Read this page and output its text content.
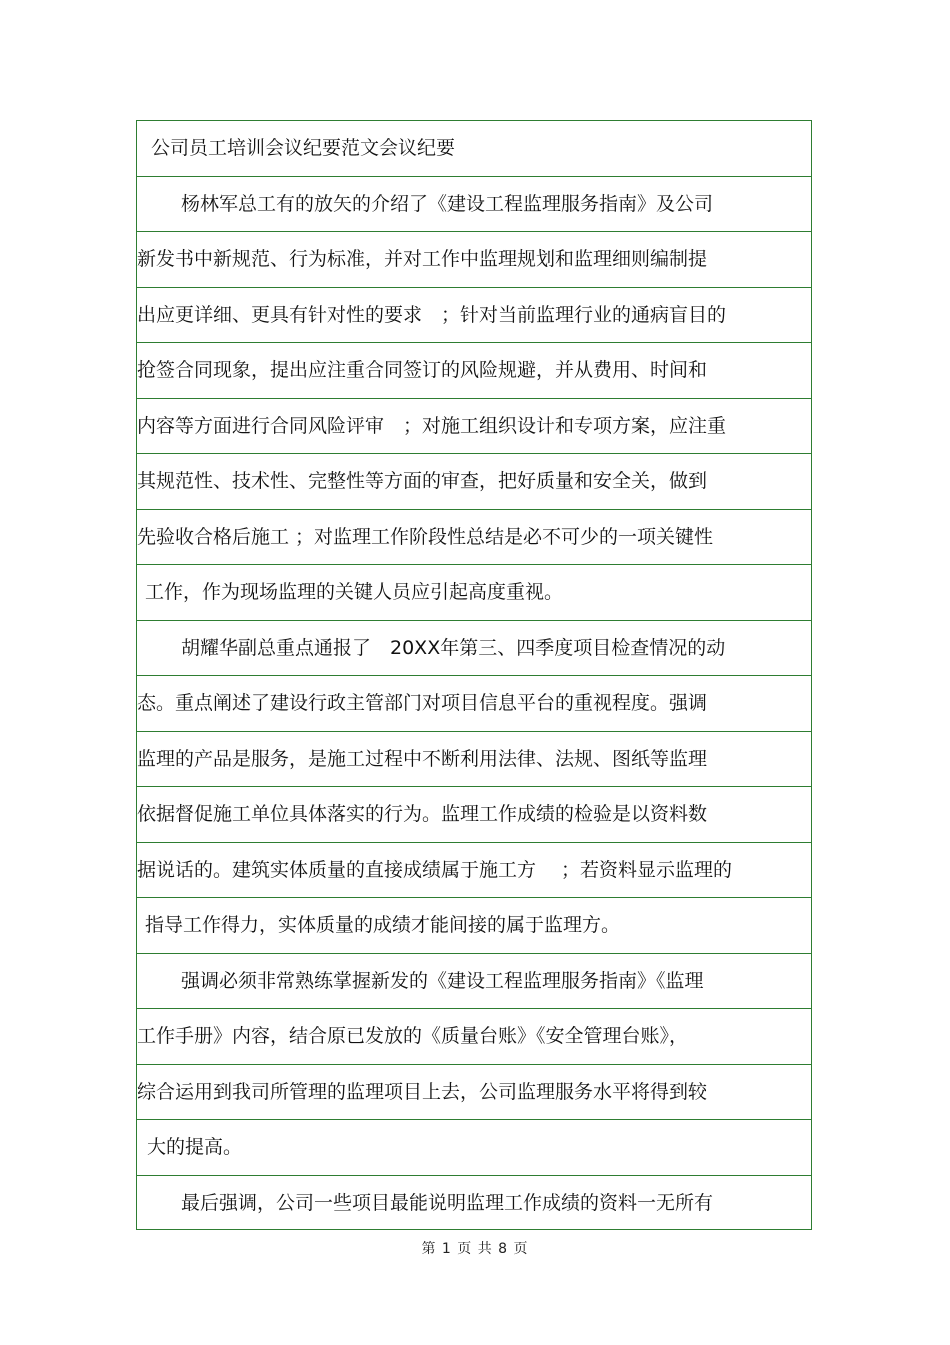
公司员工培训会议纪要范文会议纪要
杨林军总工有的放矢的介绍了《建设工程监理服务指南》及公司
新发书中新规范、行为标准，并对工作中监理规划和监理细则编制提
出应更详细、更具有针对性的要求　；针对当前监理行业的通病盲目的
抢签合同现象，提出应注重合同签订的风险规避，并从费用、时间和
内容等方面进行合同风险评审　；对施工组织设计和专项方案，应注重
其规范性、技术性、完整性等方面的审查，把好质量和安全关，做到
先验收合格后施工 ；对监理工作阶段性总结是必不可少的一项关键性
工作，作为现场监理的关键人员应引起高度重视。
胡耀华副总重点通报了　20XX年第三、四季度项目检查情况的动
态。重点阐述了建设行政主管部门对项目信息平台的重视程度。强调
监理的产品是服务，是施工过程中不断利用法律、法规、图纸等监理
依据督促施工单位具体落实的行为。监理工作成绩的检验是以资料数
据说话的。建筑实体质量的直接成绩属于施工方　 ；若资料显示监理的
指导工作得力，实体质量的成绩才能间接的属于监理方。
强调必须非常熟练掌握新发的《建设工程监理服务指南》《监理
工作手册》内容，结合原已发放的《质量台账》《安全管理台账》，
综合运用到我司所管理的监理项目上去，公司监理服务水平将得到较
大的提高。
最后强调，公司一些项目最能说明监理工作成绩的资料一无所有
第 1 页 共 8 页
